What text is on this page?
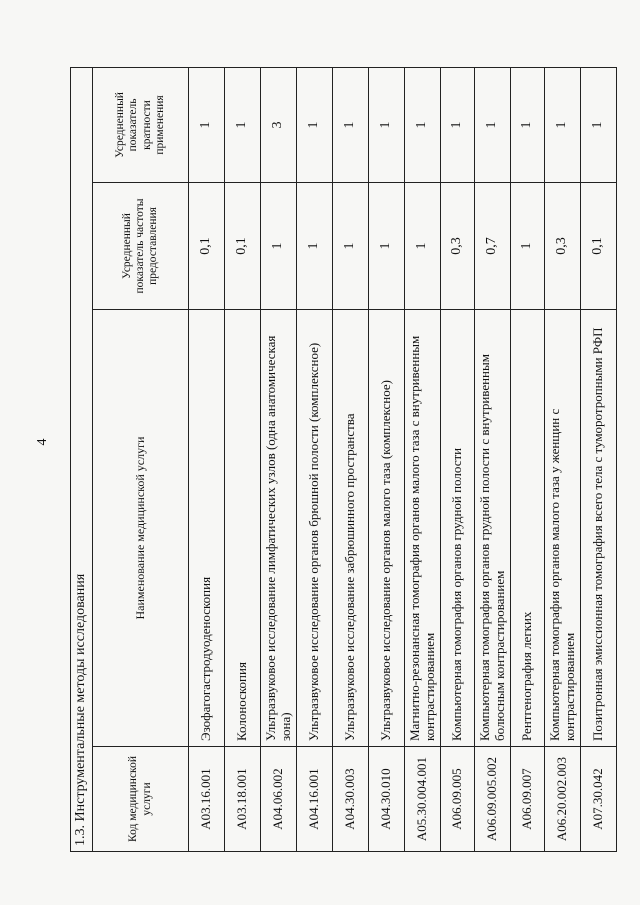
4
1.3. Инструментальные методы исследования			
Код медицинской услуги	Наименование медицинской услуги	Усредненный показатель частоты предоставления	Усредненный показатель кратности применения
A03.16.001	Эзофагогастродуоденоскопия	0,1	1
A03.18.001	Колоноскопия	0,1	1
A04.06.002	Ультразвуковое исследование лимфатических узлов (одна анатомическая зона)	1	3
A04.16.001	Ультразвуковое исследование органов брюшной полости (комплексное)	1	1
A04.30.003	Ультразвуковое исследование забрюшинного пространства	1	1
A04.30.010	Ультразвуковое исследование органов малого таза (комплексное)	1	1
A05.30.004.001	Магнитно-резонансная томография органов малого таза с внутривенным контрастированием	1	1
A06.09.005	Компьютерная томография органов грудной полости	0,3	1
A06.09.005.002	Компьютерная томография органов грудной полости с внутривенным болюсным контрастированием	0,7	1
A06.09.007	Рентгенография легких	1	1
A06.20.002.003	Компьютерная томография органов малого таза у женщин с контрастированием	0,3	1
A07.30.042	Позитронная эмиссионная томография всего тела с туморотропными РФП	0,1	1
